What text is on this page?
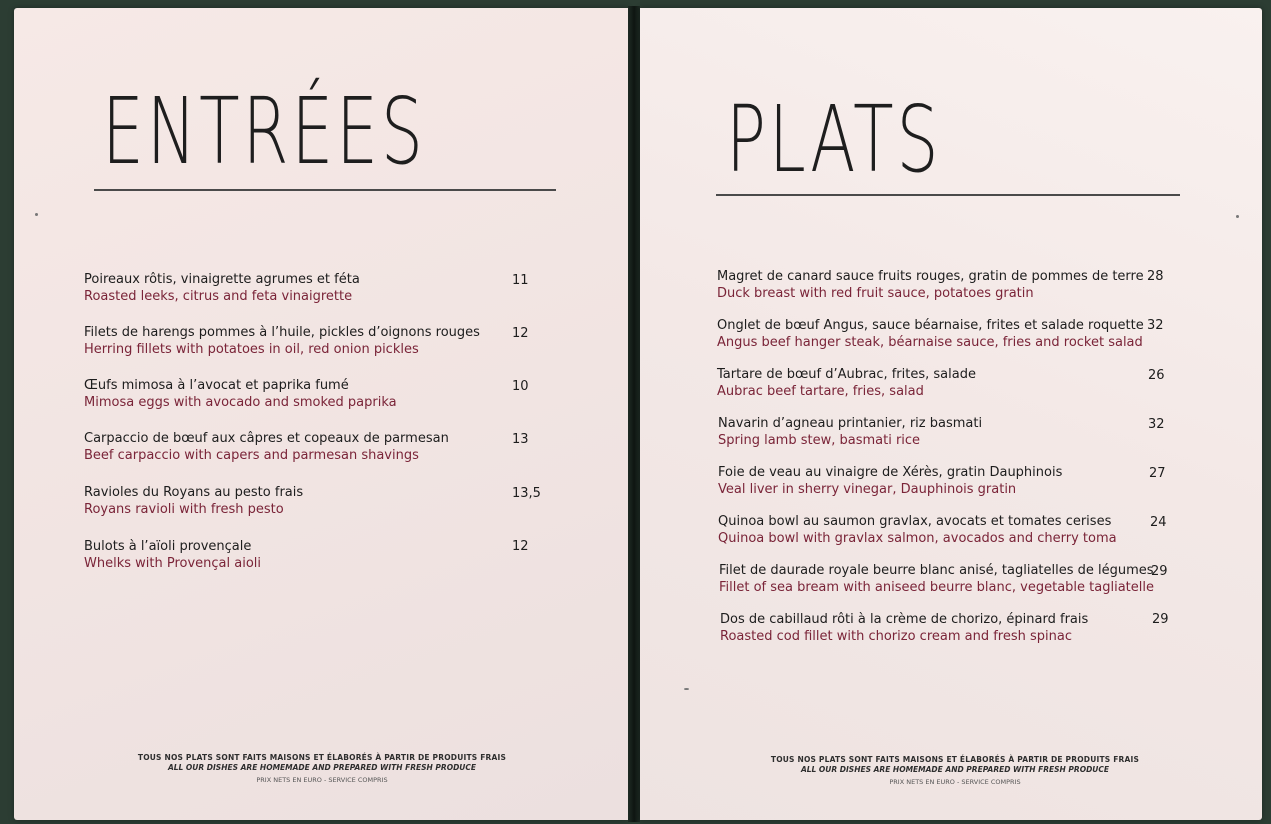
ENTRÉES
Poireaux rôtis, vinaigrette agrumes et féta
Roasted leeks, citrus and feta vinaigrette
11
Filets de harengs pommes à l’huile, pickles d’oignons rouges
Herring fillets with potatoes in oil, red onion pickles
12
Œufs mimosa à l’avocat et paprika fumé
Mimosa eggs with avocado and smoked paprika
10
Carpaccio de bœuf aux câpres et copeaux de parmesan
Beef carpaccio with capers and parmesan shavings
13
Ravioles du Royans au pesto frais
Royans ravioli with fresh pesto
13,5
Bulots à l’aïoli provençale
Whelks with Provençal aioli
12
TOUS NOS PLATS SONT FAITS MAISONS ET ÉLABORÉS À PARTIR DE PRODUITS FRAIS
ALL OUR DISHES ARE HOMEMADE AND PREPARED WITH FRESH PRODUCE
PRIX NETS EN EURO - SERVICE COMPRIS
PLATS
Magret de canard sauce fruits rouges, gratin de pommes de terre
Duck breast with red fruit sauce, potatoes gratin
28
Onglet de bœuf Angus, sauce béarnaise, frites et salade roquette
Angus beef hanger steak, béarnaise sauce, fries and rocket salad
32
Tartare de bœuf d’Aubrac, frites, salade
Aubrac beef tartare, fries, salad
26
Navarin d’agneau printanier, riz basmati
Spring lamb stew, basmati rice
32
Foie de veau au vinaigre de Xérès, gratin Dauphinois
Veal liver in sherry vinegar, Dauphinois gratin
27
Quinoa bowl au saumon gravlax, avocats et tomates cerises
Quinoa bowl with gravlax salmon, avocados and cherry toma
24
Filet de daurade royale beurre blanc anisé, tagliatelles de légumes
Fillet of sea bream with aniseed beurre blanc, vegetable tagliatelle
29
Dos de cabillaud rôti à la crème de chorizo, épinard frais
Roasted cod fillet with chorizo cream and fresh spinac
29
TOUS NOS PLATS SONT FAITS MAISONS ET ÉLABORÉS À PARTIR DE PRODUITS FRAIS
ALL OUR DISHES ARE HOMEMADE AND PREPARED WITH FRESH PRODUCE
PRIX NETS EN EURO - SERVICE COMPRIS
